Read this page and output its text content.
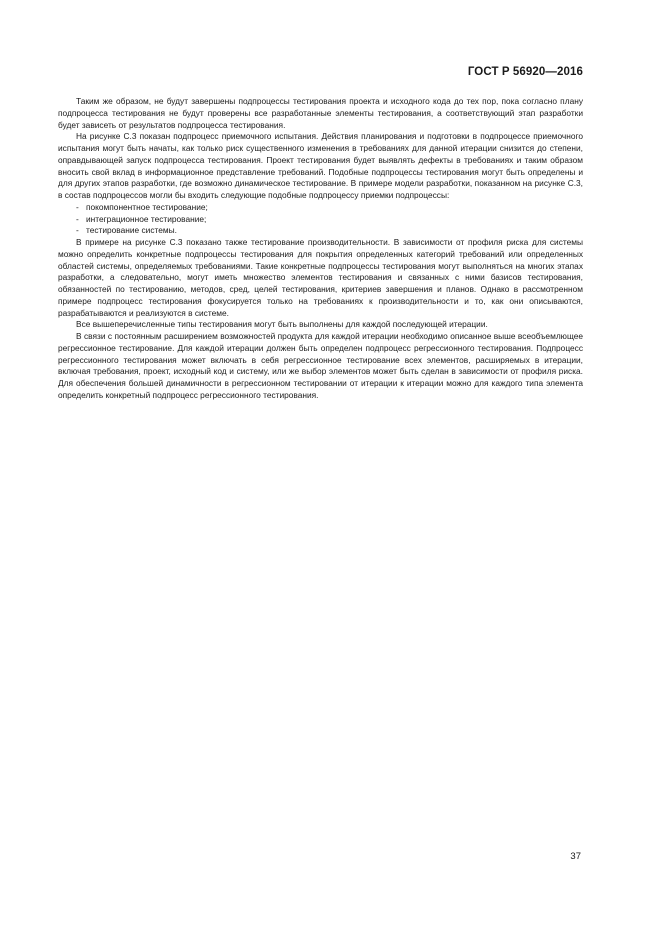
ГОСТ Р 56920—2016

Таким же образом, не будут завершены подпроцессы тестирования проекта и исходного кода до тех пор, пока согласно плану подпроцесса тестирования не будут проверены все разработанные элементы тестирования, а соответствующий этап разработки будет зависеть от результатов подпроцесса тестирования.

На рисунке С.3 показан подпроцесс приемочного испытания. Действия планирования и подготовки в подпроцессе приемочного испытания могут быть начаты, как только риск существенного изменения в требованиях для данной итерации снизится до степени, оправдывающей запуск подпроцесса тестирования. Проект тестирования будет выявлять дефекты в требованиях и таким образом вносить свой вклад в информационное представление требований. Подобные подпроцессы тестирования могут быть определены и для других этапов разработки, где возможно динамическое тестирование. В примере модели разработки, показанном на рисунке С.3, в состав подпроцессов могли бы входить следующие подобные подпроцессу приемки подпроцессы:

- покомпонентное тестирование;
- интеграционное тестирование;
- тестирование системы.

В примере на рисунке С.3 показано также тестирование производительности. В зависимости от профиля риска для системы можно определить конкретные подпроцессы тестирования для покрытия определенных категорий требований или определенных областей системы, определяемых требованиями. Такие конкретные подпроцессы тестирования могут выполняться на многих этапах разработки, а следовательно, могут иметь множество элементов тестирования и связанных с ними базисов тестирования, обязанностей по тестированию, методов, сред, целей тестирования, критериев завершения и планов. Однако в рассмотренном примере подпроцесс тестирования фокусируется только на требованиях к производительности и то, как они описываются, разрабатываются и реализуются в системе.

Все вышеперечисленные типы тестирования могут быть выполнены для каждой последующей итерации.

В связи с постоянным расширением возможностей продукта для каждой итерации необходимо описанное выше всеобъемлющее регрессионное тестирование. Для каждой итерации должен быть определен подпроцесс регрессионного тестирования. Подпроцесс регрессионного тестирования может включать в себя регрессионное тестирование всех элементов, расширяемых в итерации, включая требования, проект, исходный код и систему, или же выбор элементов может быть сделан в зависимости от профиля риска. Для обеспечения большей динамичности в регрессионном тестировании от итерации к итерации можно для каждого типа элемента определить конкретный подпроцесс регрессионного тестирования.

37
